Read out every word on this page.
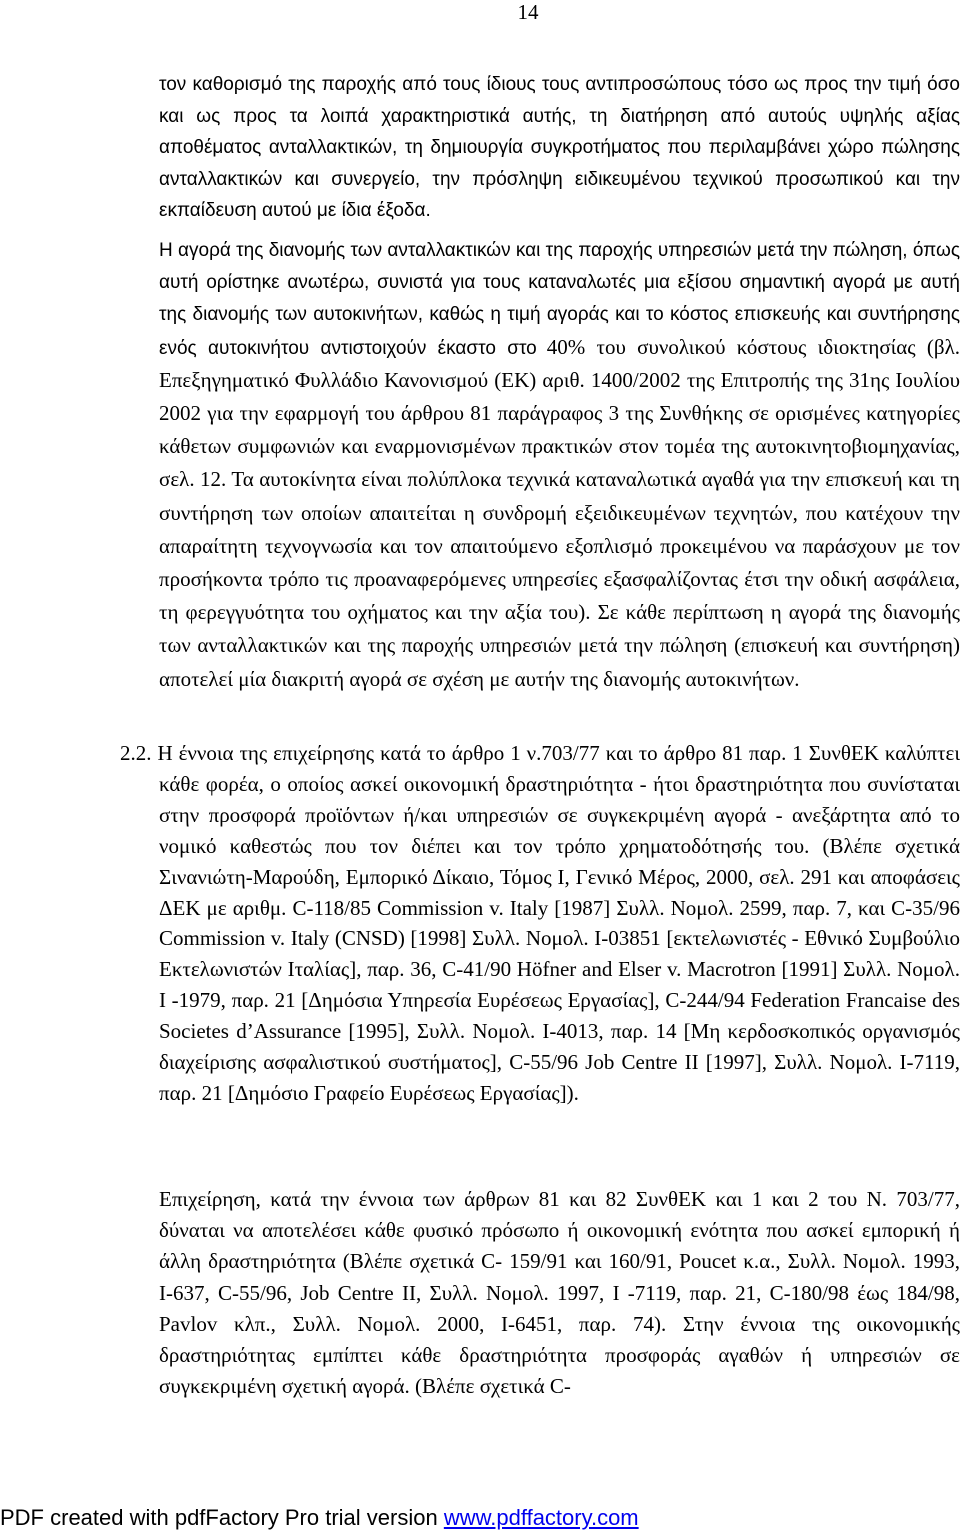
14

τον καθορισμό της παροχής από τους ίδιους τους αντιπροσώπους τόσο ως προς την τιμή όσο και ως προς τα λοιπά χαρακτηριστικά αυτής, τη διατήρηση από αυτούς υψηλής αξίας αποθέματος ανταλλακτικών, τη δημιουργία συγκροτήματος που περιλαμβάνει χώρο πώλησης ανταλλακτικών και συνεργείο, την πρόσληψη ειδικευμένου τεχνικού προσωπικού και την εκπαίδευση αυτού με ίδια έξοδα.

Η αγορά της διανομής των ανταλλακτικών και της παροχής υπηρεσιών μετά την πώληση, όπως αυτή ορίστηκε ανωτέρω, συνιστά για τους καταναλωτές μια εξίσου σημαντική αγορά με αυτή της διανομής των αυτοκινήτων, καθώς η τιμή αγοράς και το κόστος επισκευής και συντήρησης ενός αυτοκινήτου αντιστοιχούν έκαστο στο 40% του συνολικού κόστους ιδιοκτησίας (βλ. Επεξηγηματικό Φυλλάδιο Κανονισμού (ΕΚ) αριθ. 1400/2002 της Επιτροπής της 31ης Ιουλίου 2002 για την εφαρμογή του άρθρου 81 παράγραφος 3 της Συνθήκης σε ορισμένες κατηγορίες κάθετων συμφωνιών και εναρμονισμένων πρακτικών στον τομέα της αυτοκινητοβιομηχανίας, σελ. 12. Τα αυτοκίνητα είναι πολύπλοκα τεχνικά καταναλωτικά αγαθά για την επισκευή και τη συντήρηση των οποίων απαιτείται η συνδρομή εξειδικευμένων τεχνητών, που κατέχουν την απαραίτητη τεχνογνωσία και τον απαιτούμενο εξοπλισμό προκειμένου να παράσχουν με τον προσήκοντα τρόπο τις προαναφερόμενες υπηρεσίες εξασφαλίζοντας έτσι την οδική ασφάλεια, τη φερεγγυότητα του οχήματος και την αξία του). Σε κάθε περίπτωση η αγορά της διανομής των ανταλλακτικών και της παροχής υπηρεσιών μετά την πώληση (επισκευή και συντήρηση) αποτελεί μία διακριτή αγορά σε σχέση με αυτήν της διανομής αυτοκινήτων.

2.2. Η έννοια της επιχείρησης κατά το άρθρο 1 ν.703/77 και το άρθρο 81 παρ. 1 ΣυνθΕΚ καλύπτει κάθε φορέα, ο οποίος ασκεί οικονομική δραστηριότητα - ήτοι δραστηριότητα που συνίσταται στην προσφορά προϊόντων ή/και υπηρεσιών σε συγκεκριμένη αγορά - ανεξάρτητα από το νομικό καθεστώς που τον διέπει και τον τρόπο χρηματοδότησής του. (Βλέπε σχετικά Σινανιώτη-Μαρούδη, Εμπορικό Δίκαιο, Τόμος Ι, Γενικό Μέρος, 2000, σελ. 291 και αποφάσεις ΔΕΚ με αριθμ. C-118/85 Commission v. Italy [1987] Συλλ. Νομολ. 2599, παρ. 7, και C-35/96 Commission v. Italy (CNSD) [1998] Συλλ. Νομολ. Ι-03851 [εκτελωνιστές - Εθνικό Συμβούλιο Εκτελωνιστών Ιταλίας], παρ. 36, C-41/90 Höfner and Elser v. Macrotron [1991] Συλλ. Νομολ. Ι -1979, παρ. 21 [Δημόσια Υπηρεσία Ευρέσεως Εργασίας], C-244/94 Federation Francaise des Societes d’Assurance [1995], Συλλ. Νομολ. Ι-4013, παρ. 14 [Μη κερδοσκοπικός οργανισμός διαχείρισης ασφαλιστικού συστήματος], C-55/96 Job Centre II [1997], Συλλ. Νομολ. Ι-7119, παρ. 21 [Δημόσιο Γραφείο Ευρέσεως Εργασίας]).

Επιχείρηση, κατά την έννοια των άρθρων 81 και 82 ΣυνθΕΚ και 1 και 2 του Ν. 703/77, δύναται να αποτελέσει κάθε φυσικό πρόσωπο ή οικονομική ενότητα που ασκεί εμπορική ή άλλη δραστηριότητα (Βλέπε σχετικά C- 159/91 και 160/91, Poucet κ.α., Συλλ. Νομολ. 1993, Ι-637, C-55/96, Job Centre II, Συλλ. Νομολ. 1997, Ι -7119, παρ. 21, C-180/98 έως 184/98, Pavlov κλπ., Συλλ. Νομολ. 2000, Ι-6451, παρ. 74). Στην έννοια της οικονομικής δραστηριότητας εμπίπτει κάθε δραστηριότητα προσφοράς αγαθών ή υπηρεσιών σε συγκεκριμένη σχετική αγορά. (Βλέπε σχετικά C-

PDF created with pdfFactory Pro trial version www.pdffactory.com
